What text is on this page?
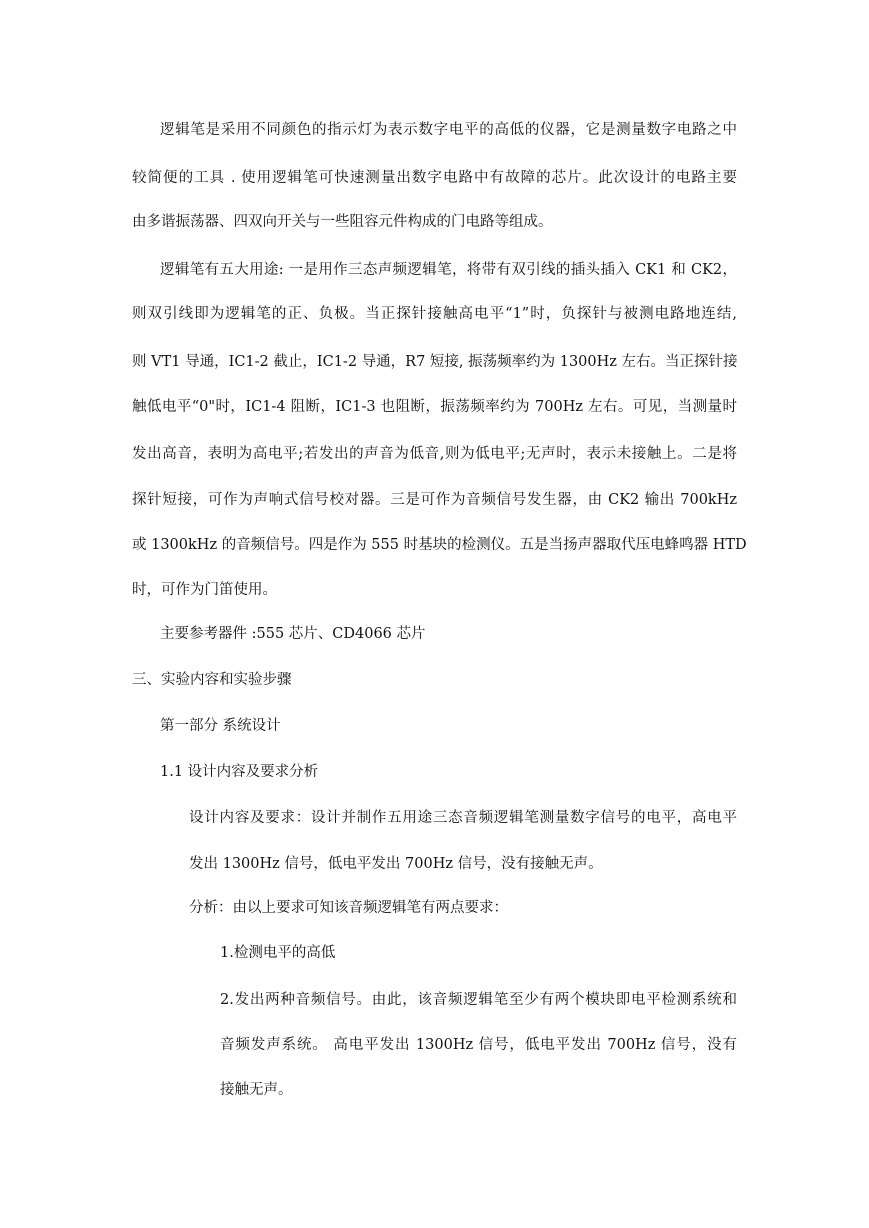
逻辑笔是采用不同颜色的指示灯为表示数字电平的高低的仪器，它是测量数字电路之中
较简便的工具 . 使用逻辑笔可快速测量出数字电路中有故障的芯片。此次设计的电路主要
由多谐振荡器、四双向开关与一些阻容元件构成的门电路等组成。
逻辑笔有五大用途: 一是用作三态声频逻辑笔，将带有双引线的插头插入 CK1 和 CK2，
则双引线即为逻辑笔的正、负极。当正探针接触高电平“1”时，负探针与被测电路地连结,
则 VT1 导通，IC1-2 截止，IC1-2 导通，R7 短接, 振荡频率约为 1300Hz 左右。当正探针接
触低电平“0"时，IC1-4 阻断，IC1-3 也阻断，振荡频率约为 700Hz 左右。可见，当测量时
发出高音，表明为高电平;若发出的声音为低音,则为低电平;无声时，表示未接触上。二是将
探针短接，可作为声响式信号校对器。三是可作为音频信号发生器，由 CK2 输出 700kHz
或 1300kHz 的音频信号。四是作为 555 时基块的检测仪。五是当扬声器取代压电蜂鸣器 HTD
时，可作为门笛使用。
主要参考器件 :555 芯片、CD4066 芯片
三、实验内容和实验步骤
第一部分 系统设计
1.1 设计内容及要求分析
设计内容及要求：设计并制作五用途三态音频逻辑笔测量数字信号的电平，高电平
发出 1300Hz 信号，低电平发出 700Hz 信号，没有接触无声。
分析：由以上要求可知该音频逻辑笔有两点要求：
1.检测电平的高低
2.发出两种音频信号。由此，该音频逻辑笔至少有两个模块即电平检测系统和
音频发声系统。 高电平发出 1300Hz 信号，低电平发出 700Hz 信号，没有
接触无声。
